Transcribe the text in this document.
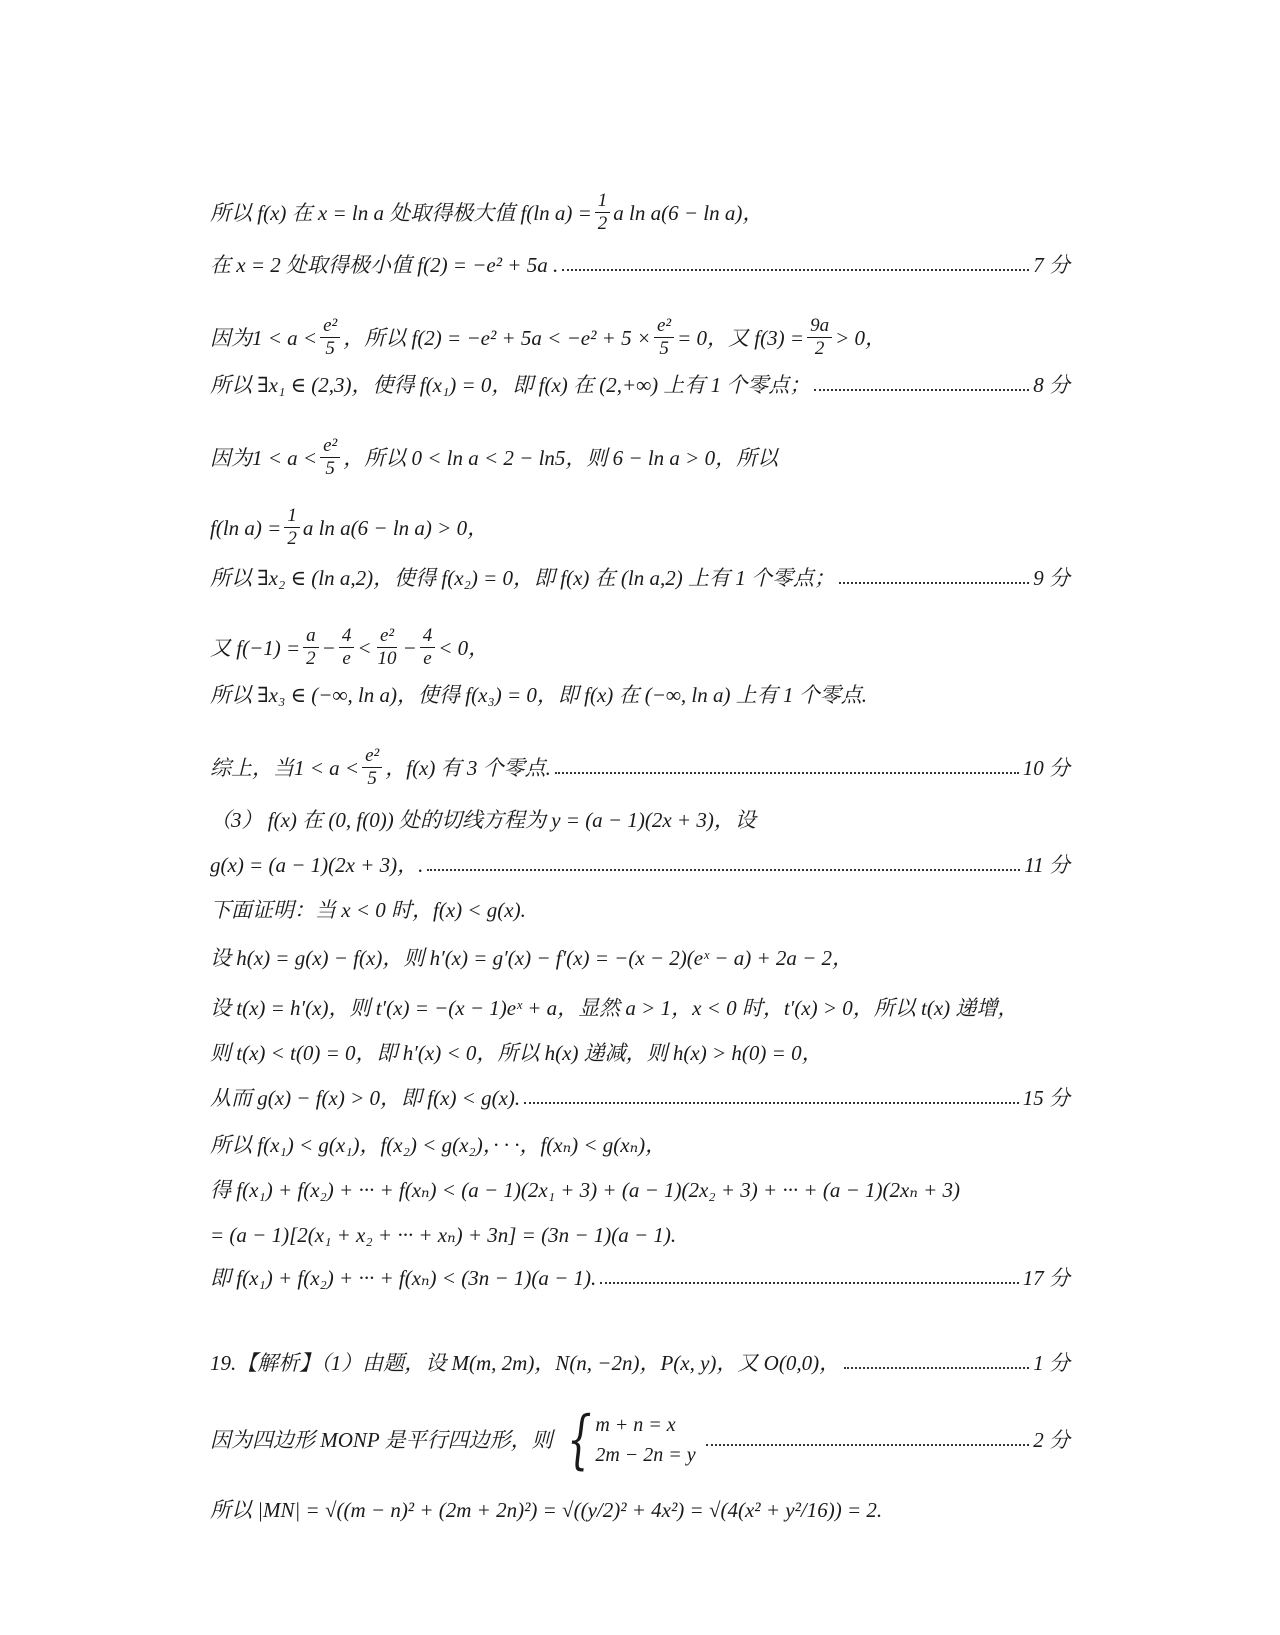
所以 f(x) 在 x = ln a 处取得极大值 f(ln $a) = \frac{1}{2}$ a ln a(6 − ln a)，
在 x = 2 处取得极小值 f(2) = −e² + 5a .	7 分
因为$1 < a < \frac{\text{e²}}{5}$ ，所以 $f(2) = -e^2 + 5a < -e^2 + 5 \times \frac{\text{e²}}{5} = 0$，又 $f(3) = \frac{9a}{2} > 0$，
所以 ∃x₁ ∈ (2,3)，使得 f(x₁) = 0，即 f(x) 在 (2,+∞) 上有 1 个零点；	8 分
因为$1 < a < \frac{\text{e²}}{5}$ ，所以 0 < ln a < 2 − ln5，则 6 − ln a > 0，所以
f(ln $a) = \frac{1}{2}$ a ln a(6 − ln a) > 0，
所以 ∃x₂ ∈ (ln a,2)，使得 f(x₂) = 0，即 f(x) 在 (ln a,2) 上有 1 个零点；	9 分
又 $f(-1) = \frac{a}{2} - \frac{4}{e} < \frac{\text{e²}}{10} - \frac{4}{e} < 0$，
所以 ∃x₃ ∈ (−∞, ln a)，使得 f(x₃) = 0，即 f(x) 在 (−∞, ln a) 上有 1 个零点.
综上，当$1 < a < \frac{\text{e²}}{5}$ ，f(x) 有 3 个零点.	10 分
（3） f(x) 在 (0, f(0)) 处的切线方程为 y = (a − 1)(2x + 3)，设
g(x) = (a − 1)(2x + 3)，.	11 分
下面证明：当 x < 0 时，f(x) < g(x).
设 h(x) = g(x) − f(x)，则 h′(x) = g′(x) − f′(x) = −(x − 2)(eˣ − a) + 2a − 2，
设 t(x) = h′(x)，则 t′(x) = −(x − 1)eˣ + a，显然 a > 1，x < 0 时，t′(x) > 0，所以 t(x) 递增，
则 t(x) < t(0) = 0，即 h′(x) < 0，所以 h(x) 递减，则 h(x) > h(0) = 0，
从而 g(x) − f(x) > 0，即 f(x) < g(x).	15 分
所以 f(x₁) < g(x₁)，f(x₂) < g(x₂)，· · ·，f(xₙ) < g(xₙ)，
得 f(x₁) + f(x₂) + ··· + f(xₙ) < (a − 1)(2x₁ + 3) + (a − 1)(2x₂ + 3) + ··· + (a − 1)(2xₙ + 3)
= (a − 1)[2(x₁ + x₂ + ··· + xₙ) + 3n] = (3n − 1)(a − 1).
即 f(x₁) + f(x₂) + ··· + f(xₙ) < (3n − 1)(a − 1).	17 分
19.【解析】（1）由题，设 M(m, 2m)，N(n, −2n)，P(x, y)，又 O(0,0)，	1 分
因为四边形 MONP 是平行四边形，则 { m + n = x
2m − 2n = y
2 分
所以 |MN| = √((m − n)² + (2m + 2n)²) = √((y/2)² + 4x²) = √(4(x² + y²/16)) = 2.
